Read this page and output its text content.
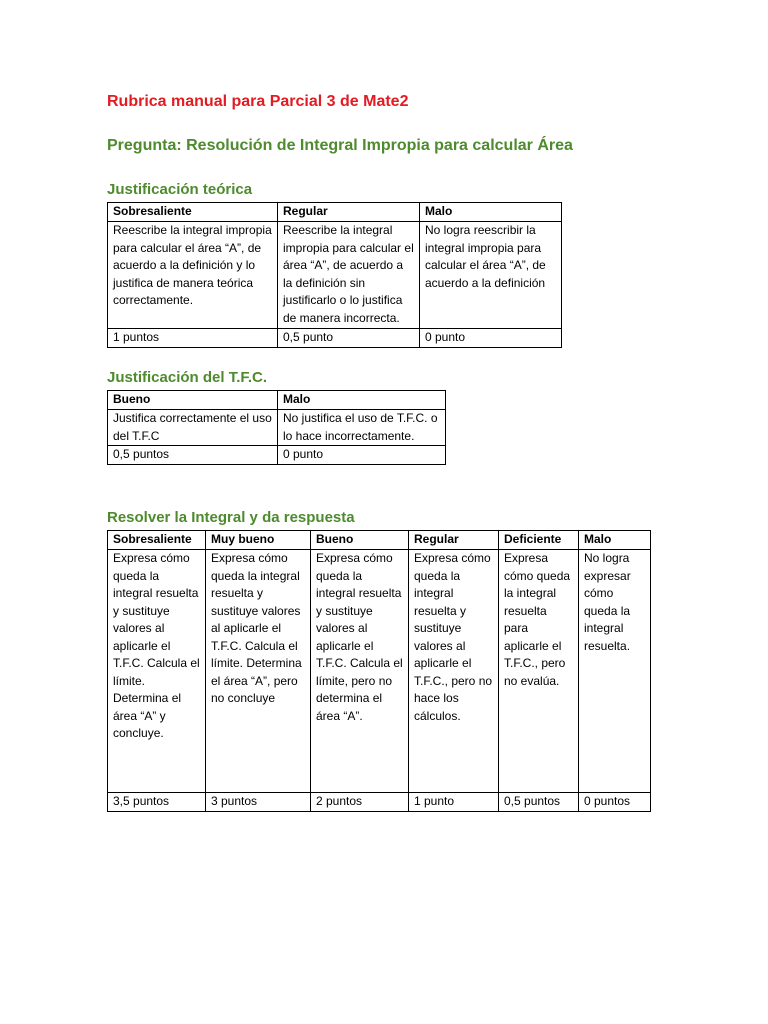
Rubrica manual para Parcial 3 de Mate2
Pregunta: Resolución de Integral Impropia para calcular Área
Justificación teórica
Sobresaliente	Regular	Malo
Reescribe la integral impropia para calcular el área “A”, de acuerdo a la definición y lo justifica de manera teórica correctamente.	Reescribe la integral impropia para calcular el área “A”, de acuerdo a la definición sin justificarlo o lo justifica de manera incorrecta.	No logra reescribir la integral impropia para calcular el área “A”, de acuerdo a la definición
1 puntos	0,5 punto	0 punto
Justificación del T.F.C.
Bueno	Malo
Justifica correctamente el uso del T.F.C	No justifica el uso de T.F.C. o lo hace incorrectamente.
0,5 puntos	0 punto
Resolver la Integral y da respuesta
Sobresaliente	Muy bueno	Bueno	Regular	Deficiente	Malo
Expresa cómo queda la integral resuelta y sustituye valores al aplicarle el T.F.C. Calcula el límite. Determina el área “A” y concluye.	Expresa cómo queda la integral resuelta y sustituye valores al aplicarle el T.F.C. Calcula el límite. Determina el área “A”, pero no concluye	Expresa cómo queda la integral resuelta y sustituye valores al aplicarle el T.F.C. Calcula el límite, pero no determina el área “A”.	Expresa cómo queda la integral resuelta y sustituye valores al aplicarle el T.F.C., pero no hace los cálculos.	Expresa cómo queda la integral resuelta para aplicarle el T.F.C., pero no evalúa.	No logra expresar cómo queda la integral resuelta.
3,5 puntos	3 puntos	2 puntos	1 punto	0,5 puntos	0 puntos
